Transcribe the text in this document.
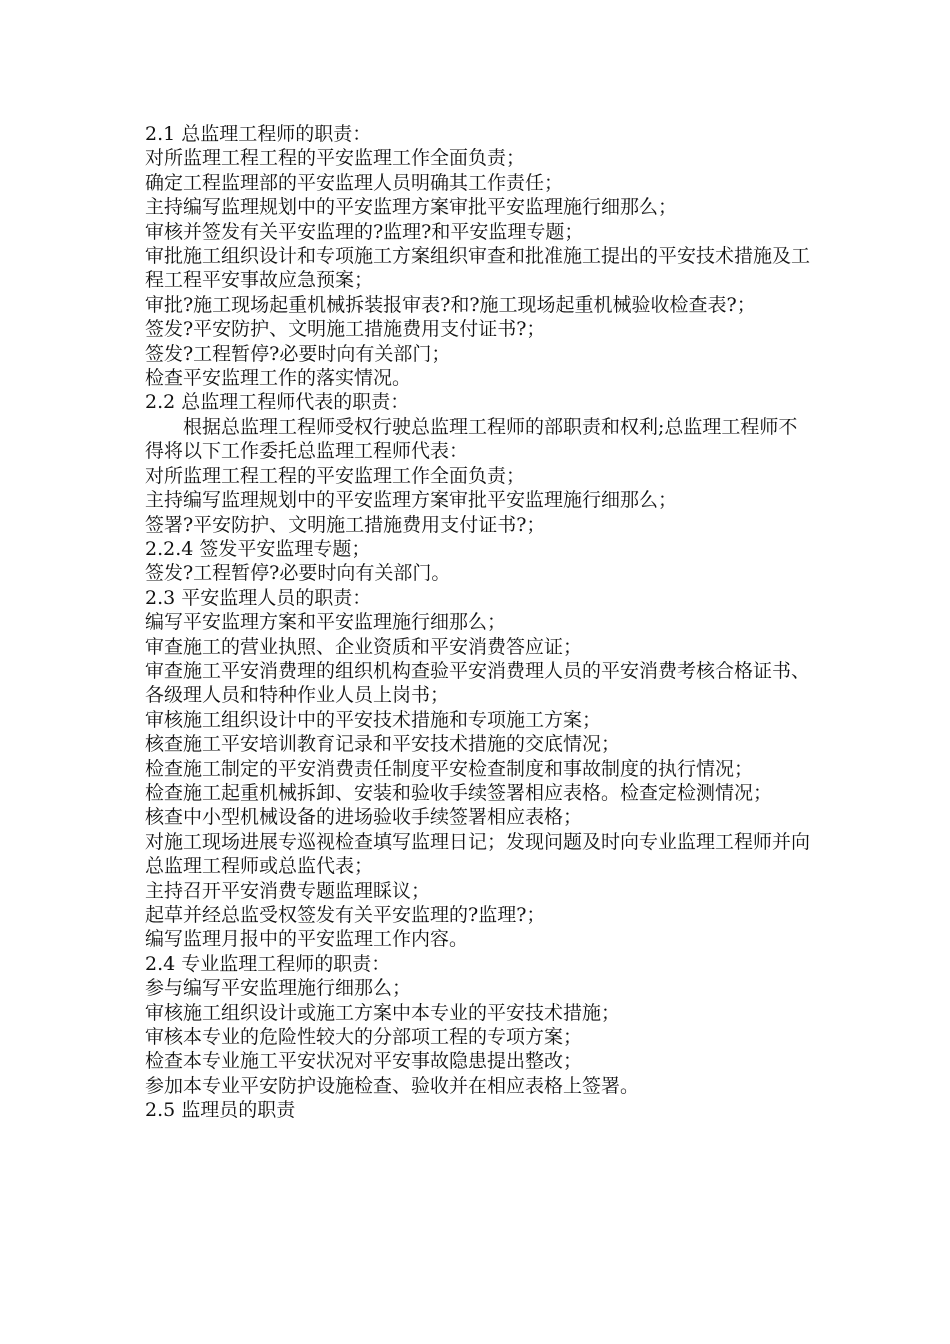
2.1 总监理工程师的职责：

对所监理工程工程的平安监理工作全面负责；

确定工程监理部的平安监理人员明确其工作责任；

主持编写监理规划中的平安监理方案审批平安监理施行细那么；

审核并签发有关平安监理的?监理?和平安监理专题；

审批施工组织设计和专项施工方案组织审查和批准施工提出的平安技术措施及工程工程平安事故应急预案；

审批?施工现场起重机械拆装报审表?和?施工现场起重机械验收检查表?；

签发?平安防护、文明施工措施费用支付证书?；

签发?工程暂停?必要时向有关部门；

检查平安监理工作的落实情况。

2.2 总监理工程师代表的职责：

根据总监理工程师受权行驶总监理工程师的部职责和权利;总监理工程师不得将以下工作委托总监理工程师代表：

对所监理工程工程的平安监理工作全面负责；

主持编写监理规划中的平安监理方案审批平安监理施行细那么；

签署?平安防护、文明施工措施费用支付证书?；

2.2.4 签发平安监理专题；

签发?工程暂停?必要时向有关部门。

2.3 平安监理人员的职责：

编写平安监理方案和平安监理施行细那么；

审查施工的营业执照、企业资质和平安消费答应证；

审查施工平安消费理的组织机构查验平安消费理人员的平安消费考核合格证书、各级理人员和特种作业人员上岗书；

审核施工组织设计中的平安技术措施和专项施工方案；

核查施工平安培训教育记录和平安技术措施的交底情况；

检查施工制定的平安消费责任制度平安检查制度和事故制度的执行情况；

检查施工起重机械拆卸、安装和验收手续签署相应表格。检查定检测情况；

核查中小型机械设备的进场验收手续签署相应表格；

对施工现场进展专巡视检查填写监理日记；发现问题及时向专业监理工程师并向总监理工程师或总监代表；

主持召开平安消费专题监理睬议；

起草并经总监受权签发有关平安监理的?监理?；

编写监理月报中的平安监理工作内容。

2.4 专业监理工程师的职责：

参与编写平安监理施行细那么；

审核施工组织设计或施工方案中本专业的平安技术措施；

审核本专业的危险性较大的分部项工程的专项方案；

检查本专业施工平安状况对平安事故隐患提出整改；

参加本专业平安防护设施检查、验收并在相应表格上签署。

2.5 监理员的职责
